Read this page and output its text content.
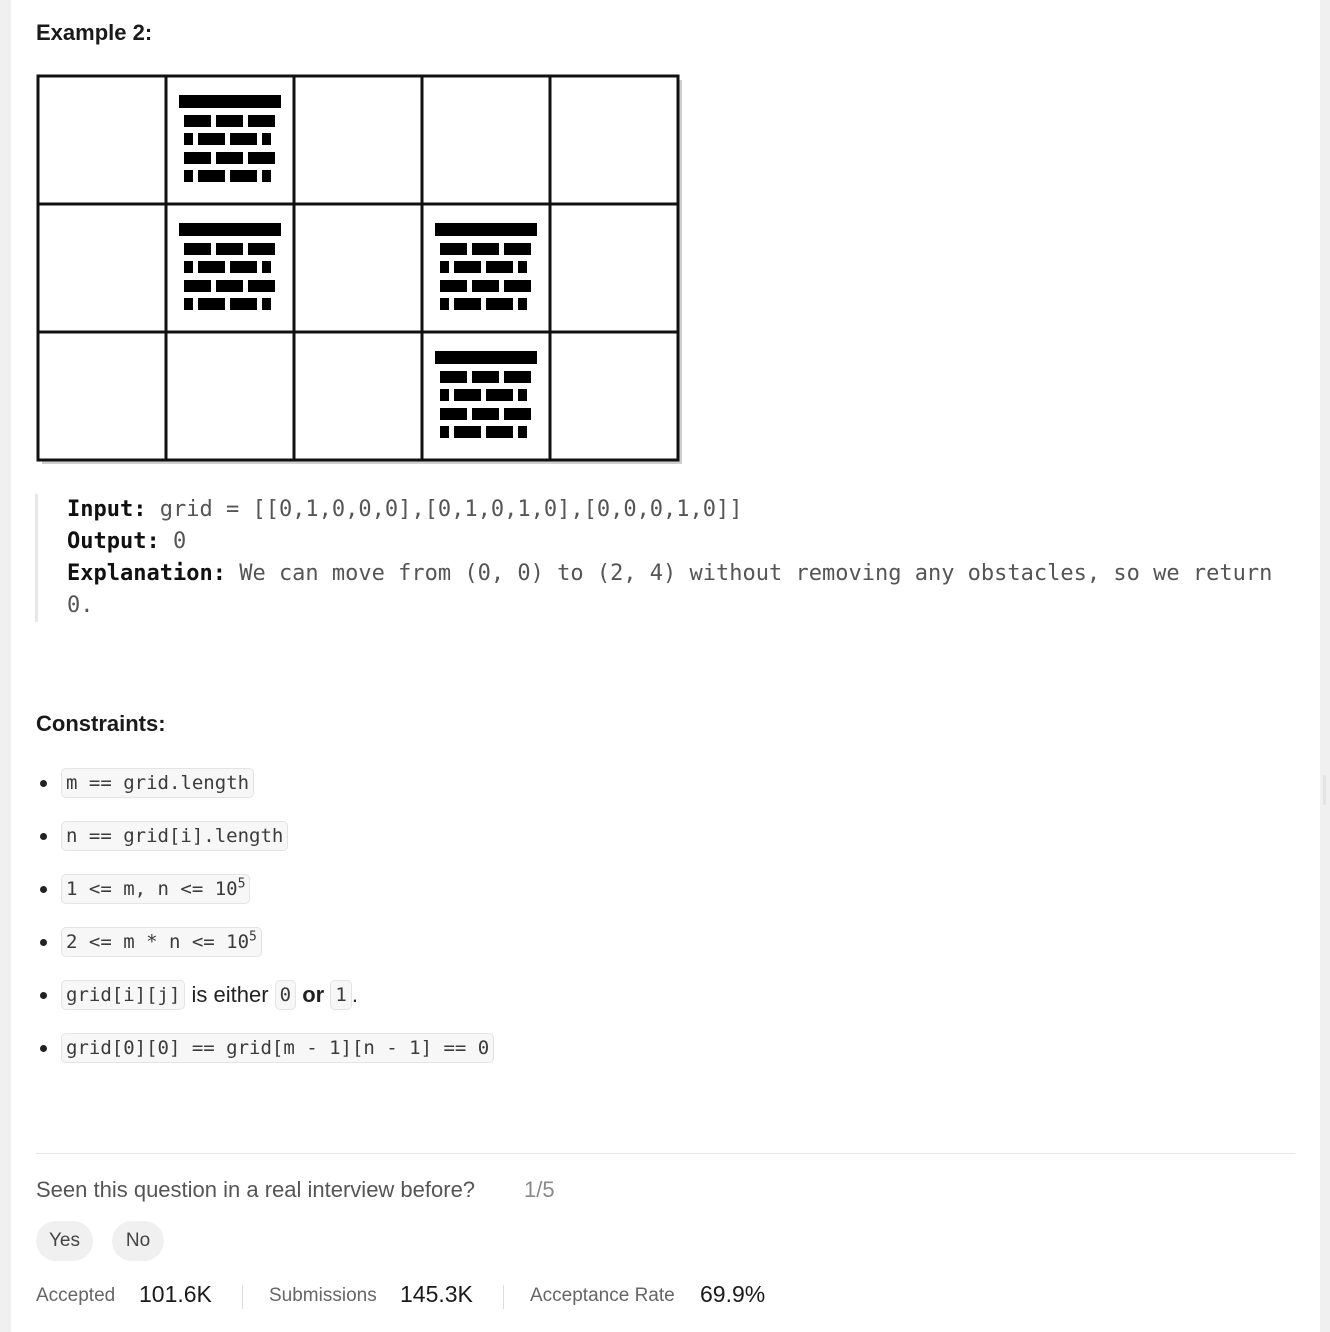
Example 2:
Input: grid = [[0,1,0,0,0],[0,1,0,1,0],[0,0,0,1,0]]
Output: 0
Explanation: We can move from (0, 0) to (2, 4) without removing any obstacles, so we return
0.
Constraints:
m == grid.length
n == grid[i].length
1 <= m, $n <= 10^5$
$2 <= m * n <= 10^5$
grid[i][j] is either 0
or
1 .
grid[0][0] == grid[m - 1][n - 1] == 0
Seen this question in a real interview before? 1/5
Yes	No
Accepted 101.6K	Submissions 145.3K	Acceptance Rate 69.9%
